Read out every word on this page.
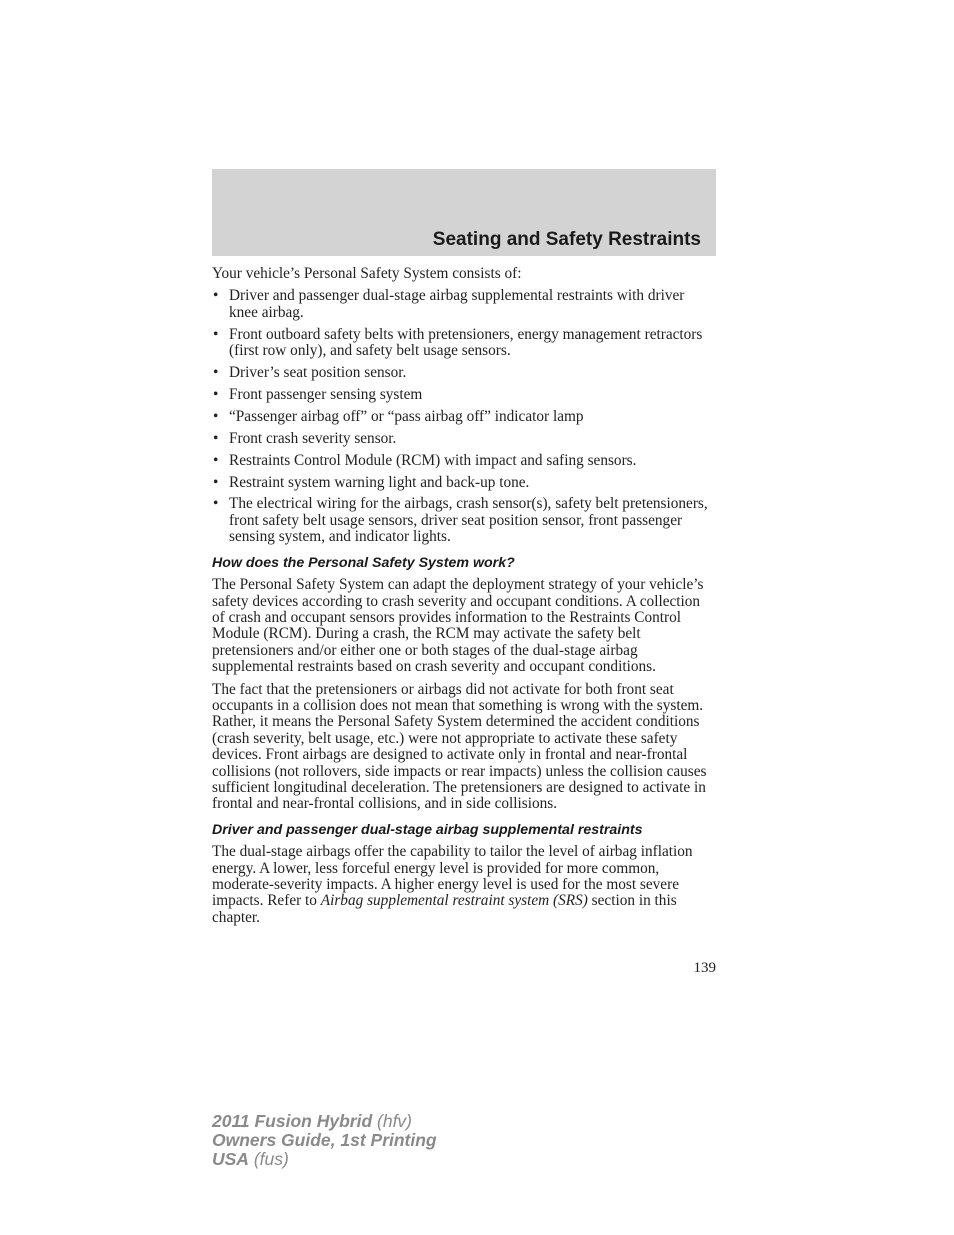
Seating and Safety Restraints

Your vehicle’s Personal Safety System consists of:

• Driver and passenger dual-stage airbag supplemental restraints with driver knee airbag.
• Front outboard safety belts with pretensioners, energy management retractors (first row only), and safety belt usage sensors.
• Driver’s seat position sensor.
• Front passenger sensing system
• “Passenger airbag off” or “pass airbag off” indicator lamp
• Front crash severity sensor.
• Restraints Control Module (RCM) with impact and safing sensors.
• Restraint system warning light and back-up tone.
• The electrical wiring for the airbags, crash sensor(s), safety belt pretensioners, front safety belt usage sensors, driver seat position sensor, front passenger sensing system, and indicator lights.
How does the Personal Safety System work?

The Personal Safety System can adapt the deployment strategy of your vehicle’s safety devices according to crash severity and occupant conditions. A collection of crash and occupant sensors provides information to the Restraints Control Module (RCM). During a crash, the RCM may activate the safety belt pretensioners and/or either one or both stages of the dual-stage airbag supplemental restraints based on crash severity and occupant conditions.

The fact that the pretensioners or airbags did not activate for both front seat occupants in a collision does not mean that something is wrong with the system. Rather, it means the Personal Safety System determined the accident conditions (crash severity, belt usage, etc.) were not appropriate to activate these safety devices. Front airbags are designed to activate only in frontal and near-frontal collisions (not rollovers, side impacts or rear impacts) unless the collision causes sufficient longitudinal deceleration. The pretensioners are designed to activate in frontal and near-frontal collisions, and in side collisions.

Driver and passenger dual-stage airbag supplemental restraints

The dual-stage airbags offer the capability to tailor the level of airbag inflation energy. A lower, less forceful energy level is provided for more common, moderate-severity impacts. A higher energy level is used for the most severe impacts. Refer to Airbag supplemental restraint system (SRS) section in this chapter.

139
2011 Fusion Hybrid (hfv)
Owners Guide, 1st Printing
USA (fus)
